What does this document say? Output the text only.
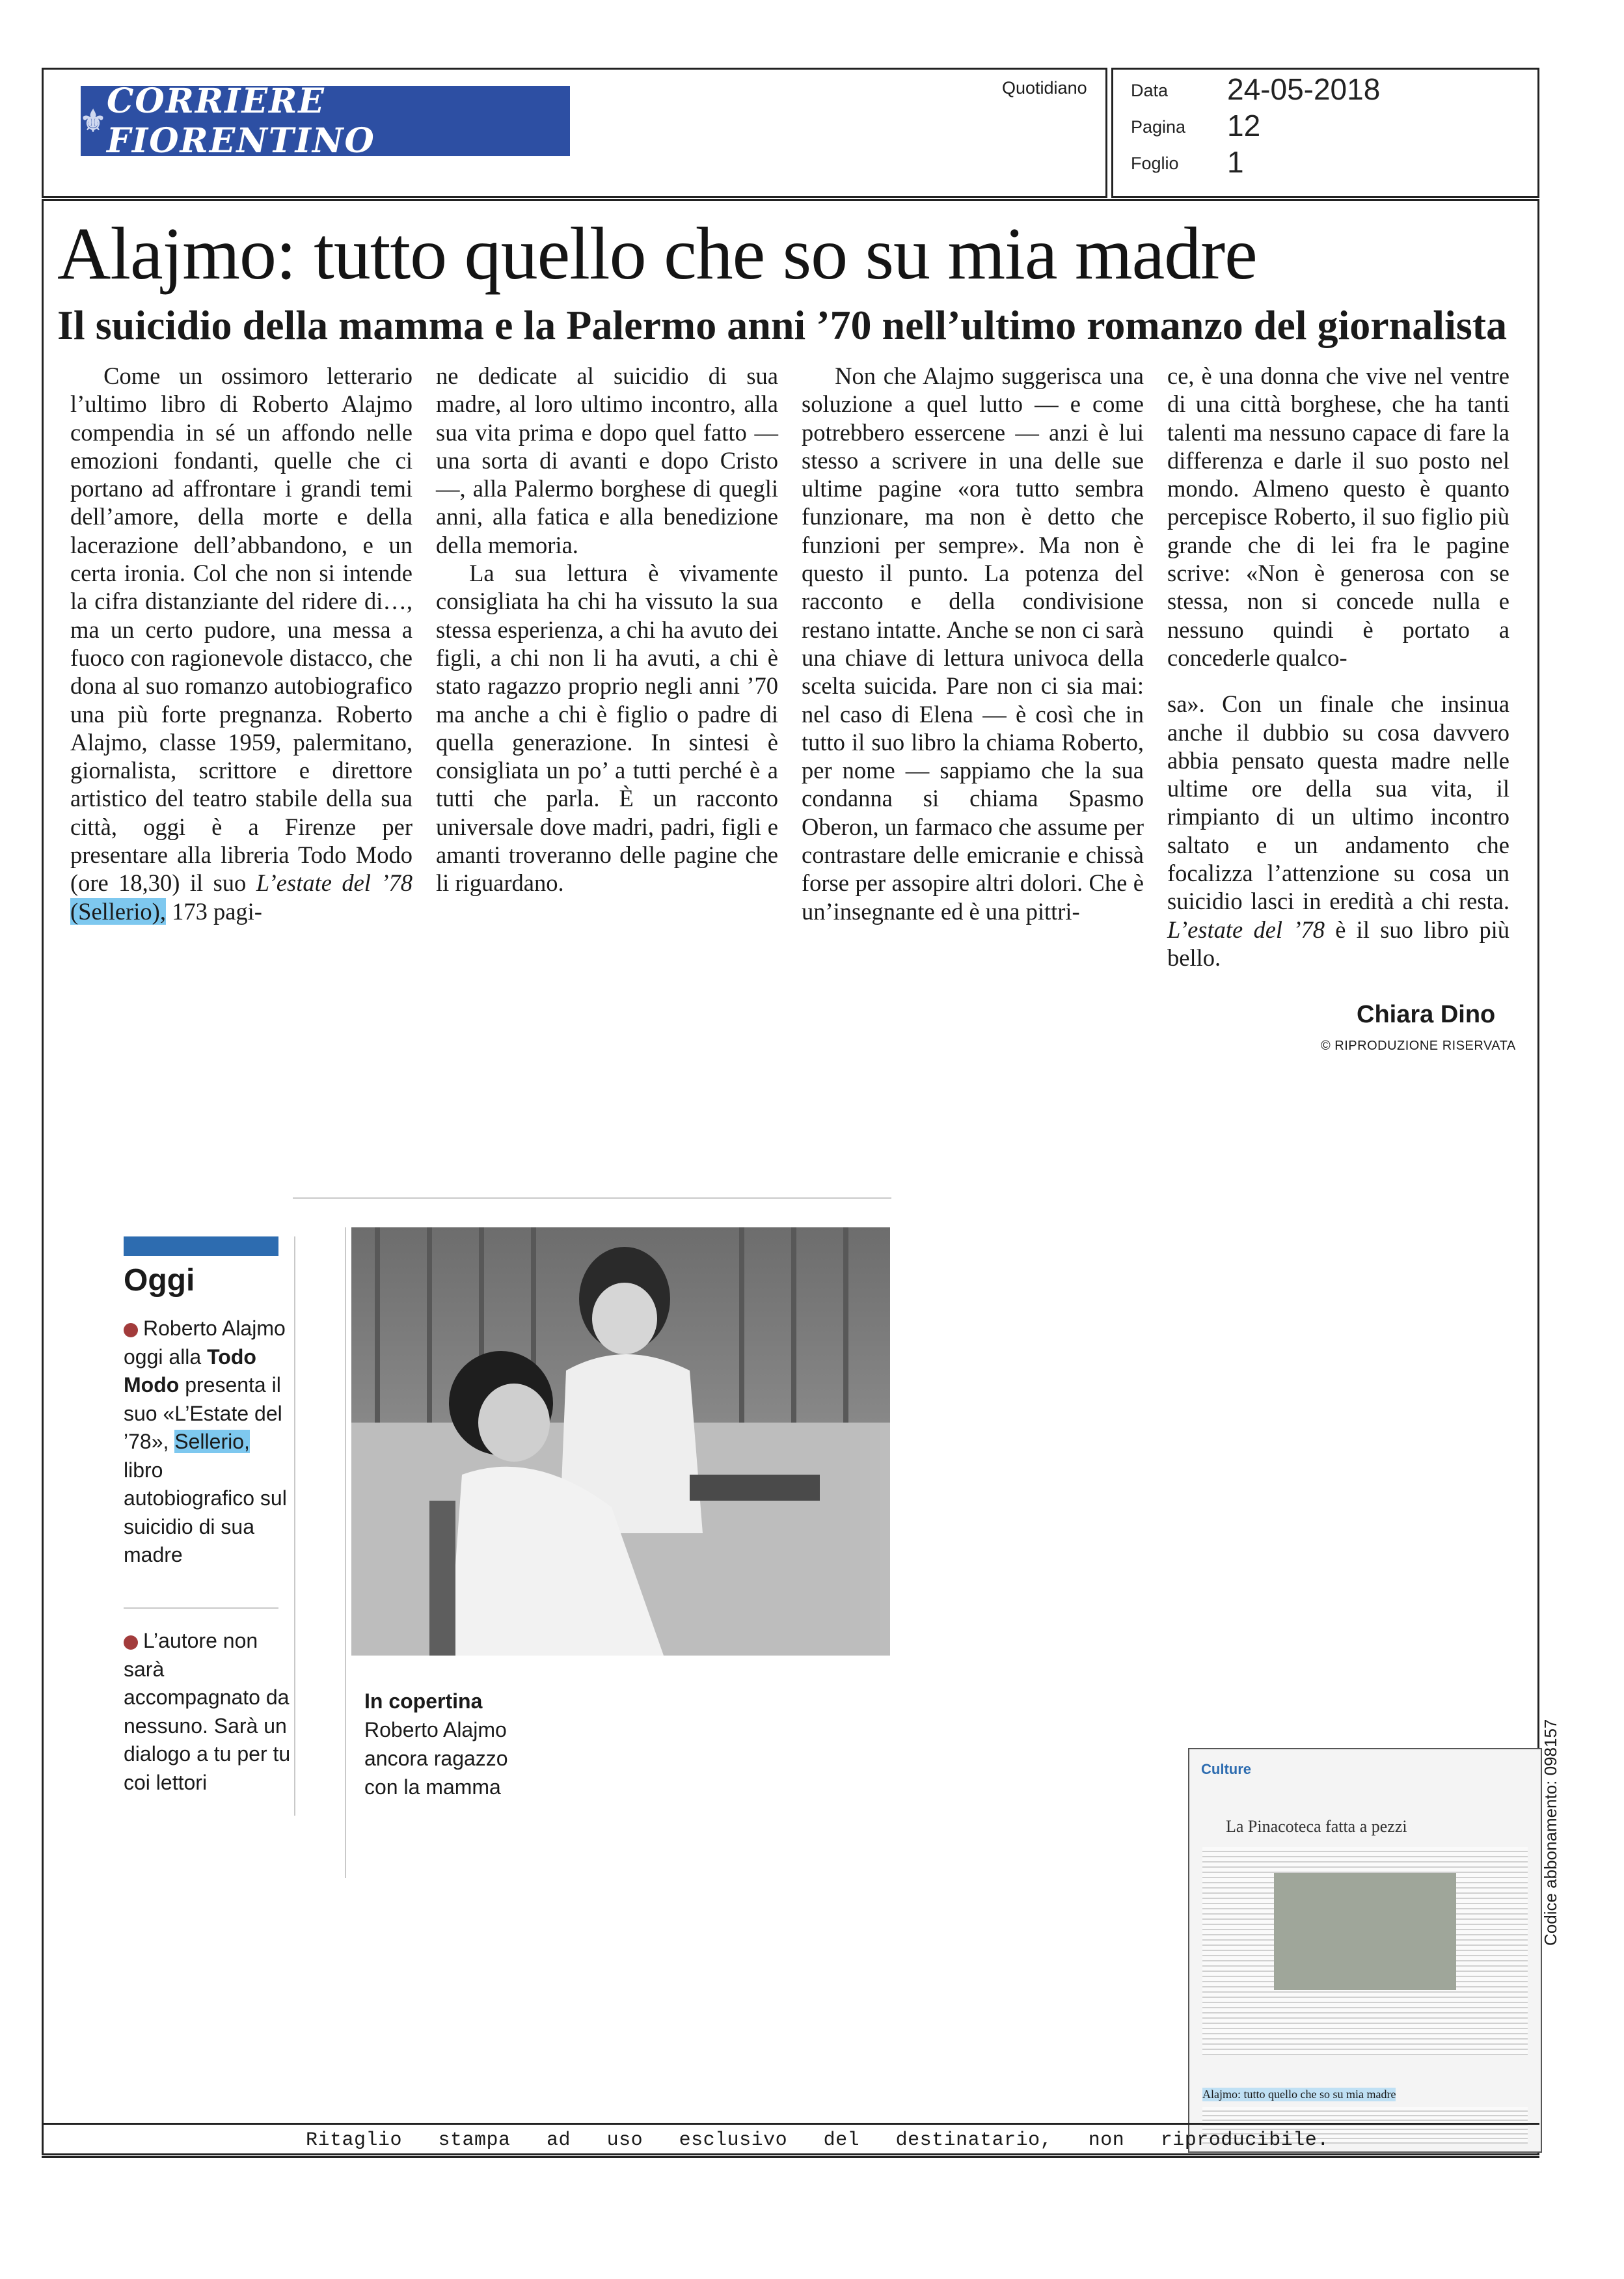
⚜
CORRIERE FIORENTINO
Quotidiano Data 24-05-2018
Pagina 12
Foglio 1
Alajmo: tutto quello che so su mia madre
Il suicidio della mamma e la Palermo anni ’70 nell’ultimo romanzo del giornalista

Come un ossimoro letterario l’ultimo libro di Roberto Alajmo compendia in sé un affondo nelle emozioni fondanti, quelle che ci portano ad affrontare i grandi temi dell’amore, della morte e della lacerazione dell’abbandono, e un certa ironia. Col che non si intende la cifra distanziante del ridere di…, ma un certo pudore, una messa a fuoco con ragionevole distacco, che dona al suo romanzo autobiografico una più forte pregnanza. Roberto Alajmo, classe 1959, palermitano, giornalista, scrittore e direttore artistico del teatro stabile della sua città, oggi è a Firenze per presentare alla libreria Todo Modo (ore 18,30) il suo L’estate del ’78 (Sellerio), 173 pagi-

ne dedicate al suicidio di sua madre, al loro ultimo incontro, alla sua vita prima e dopo quel fatto — una sorta di avanti e dopo Cristo —, alla Palermo borghese di quegli anni, alla fatica e alla benedizione della memoria.

La sua lettura è vivamente consigliata ha chi ha vissuto la sua stessa esperienza, a chi ha avuto dei figli, a chi non li ha avuti, a chi è stato ragazzo proprio negli anni ’70 ma anche a chi è figlio o padre di quella generazione. In sintesi è consigliata un po’ a tutti perché è a tutti che parla. È un racconto universale dove madri, padri, figli e amanti troveranno delle pagine che li riguardano.

Non che Alajmo suggerisca una soluzione a quel lutto — e come potrebbero essercene — anzi è lui stesso a scrivere in una delle sue ultime pagine «ora tutto sembra funzionare, ma non è detto che funzioni per sempre». Ma non è questo il punto. La potenza del racconto e della condivisione restano intatte. Anche se non ci sarà una chiave di lettura univoca della scelta suicida. Pare non ci sia mai: nel caso di Elena — è così che in tutto il suo libro la chiama Roberto, per nome — sappiamo che la sua condanna si chiama Spasmo Oberon, un farmaco che assume per contrastare delle emicranie e chissà forse per assopire altri dolori. Che è un’insegnante ed è una pittri-

ce, è una donna che vive nel ventre di una città borghese, che ha tanti talenti ma nessuno capace di fare la differenza e darle il suo posto nel mondo. Almeno questo è quanto percepisce Roberto, il suo figlio più grande che di lei fra le pagine scrive: «Non è generosa con se stessa, non si concede nulla e nessuno quindi è portato a concederle qualco-

sa». Con un finale che insinua anche il dubbio su cosa davvero abbia pensato questa madre nelle ultime ore della sua vita, il rimpianto di un ultimo incontro saltato e un andamento che focalizza l’attenzione su cosa un suicidio lasci in eredità a chi resta. L’estate del ’78 è il suo libro più bello.

Chiara Dino
© RIPRODUZIONE RISERVATA
Oggi
Roberto Alajmo oggi alla Todo Modo presenta il suo «L’Estate del ’78», Sellerio, libro autobiografico sul suicidio di sua madre
L’autore non sarà accompagnato da nessuno. Sarà un dialogo a tu per tu coi lettori
In copertina
Roberto Alajmo ancora ragazzo con la mamma
Culture
La Pinacoteca fatta a pezzi
Alajmo: tutto quello che so su mia madre
Ritaglio   stampa   ad   uso   esclusivo   del   destinatario,   non   riproducibile.
Codice abbonamento: 098157
